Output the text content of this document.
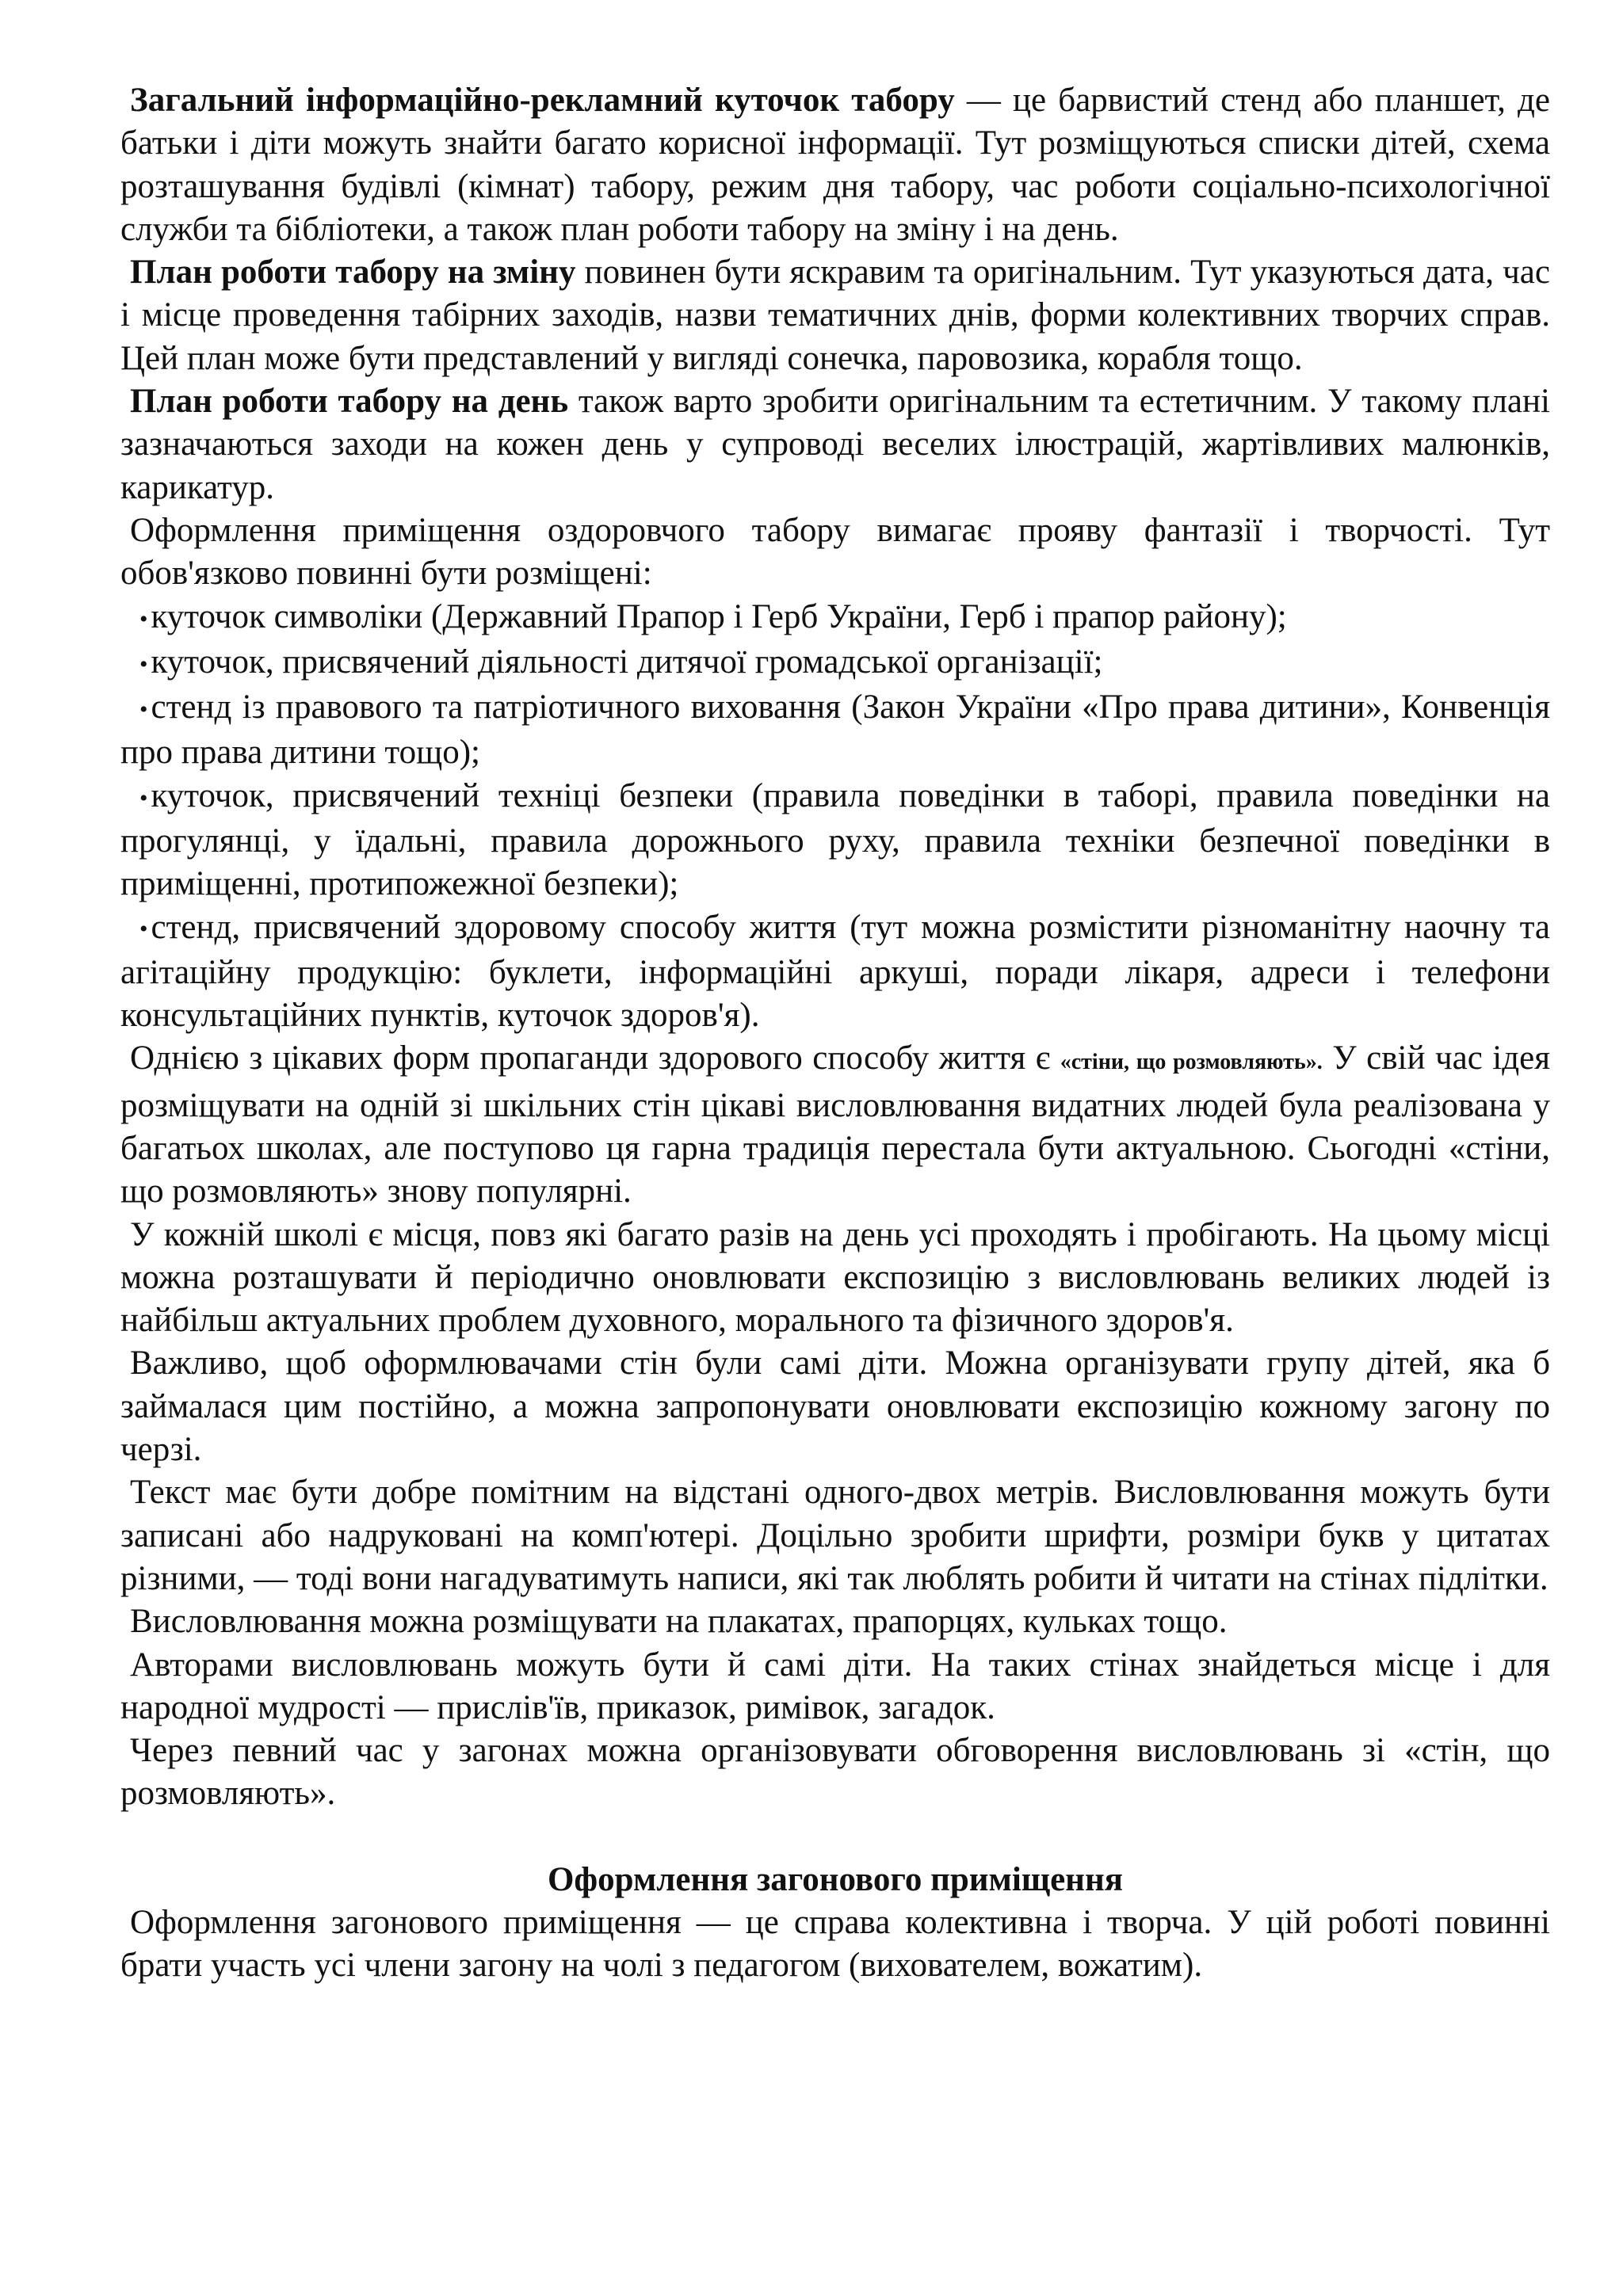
Загальний інформаційно-рекламний куточок табору — це барвистий стенд або планшет, де батьки і діти можуть знайти багато корисної інформації. Тут розміщуються списки дітей, схема розташування будівлі (кімнат) табору, режим дня табору, час роботи соціально-психологічної служби та бібліотеки, а також план роботи табору на зміну і на день.

План роботи табору на зміну повинен бути яскравим та оригінальним. Тут указуються дата, час і місце проведення табірних заходів, назви тематичних днів, форми колективних творчих справ. Цей план може бути представлений у вигляді сонечка, паровозика, корабля тощо.

План роботи табору на день також варто зробити оригінальним та естетичним. У такому плані зазначаються заходи на кожен день у супроводі веселих ілюстрацій, жартівливих малюнків, карикатур.

Оформлення приміщення оздоровчого табору вимагає прояву фантазії і творчості. Тут обов'язково повинні бути розміщені:

•куточок символіки (Державний Прапор і Герб України, Герб і прапор району);

•куточок, присвячений діяльності дитячої громадської організації;

•стенд із правового та патріотичного виховання (Закон України «Про права дитини», Конвенція про права дитини тощо);

•куточок, присвячений техніці безпеки (правила поведінки в таборі, правила поведінки на прогулянці, у їдальні, правила дорожнього руху, правила техніки безпечної поведінки в приміщенні, протипожежної безпеки);

•стенд, присвячений здоровому способу життя (тут можна розмістити різноманітну наочну та агітаційну продукцію: буклети, інформаційні аркуші, поради лікаря, адреси і телефони консультаційних пунктів, куточок здоров'я).

Однією з цікавих форм пропаганди здорового способу життя є «стіни, що розмовляють». У свій час ідея розміщувати на одній зі шкільних стін цікаві висловлювання видатних людей була реалізована у багатьох школах, але поступово ця гарна традиція перестала бути актуальною. Сьогодні «стіни, що розмовляють» знову популярні.

У кожній школі є місця, повз які багато разів на день усі проходять і пробігають. На цьому місці можна розташувати й періодично оновлювати експозицію з висловлювань великих людей із найбільш актуальних проблем духовного, морального та фізичного здоров'я.

Важливо, щоб оформлювачами стін були самі діти. Можна організувати групу дітей, яка б займалася цим постійно, а можна запропонувати оновлювати експозицію кожному загону по черзі.

Текст має бути добре помітним на відстані одного-двох метрів. Висловлювання можуть бути записані або надруковані на комп'ютері. Доцільно зробити шрифти, розміри букв у цитатах різними, — тоді вони нагадуватимуть написи, які так люблять робити й читати на стінах підлітки.

Висловлювання можна розміщувати на плакатах, прапорцях, кульках тощо.

Авторами висловлювань можуть бути й самі діти. На таких стінах знайдеться місце і для народної мудрості — прислів'їв, приказок, римівок, загадок.

Через певний час у загонах можна організовувати обговорення висловлювань зі «стін, що розмовляють».

Оформлення загонового приміщення

Оформлення загонового приміщення — це справа колективна і творча. У цій роботі повинні брати участь усі члени загону на чолі з педагогом (вихователем, вожатим).
